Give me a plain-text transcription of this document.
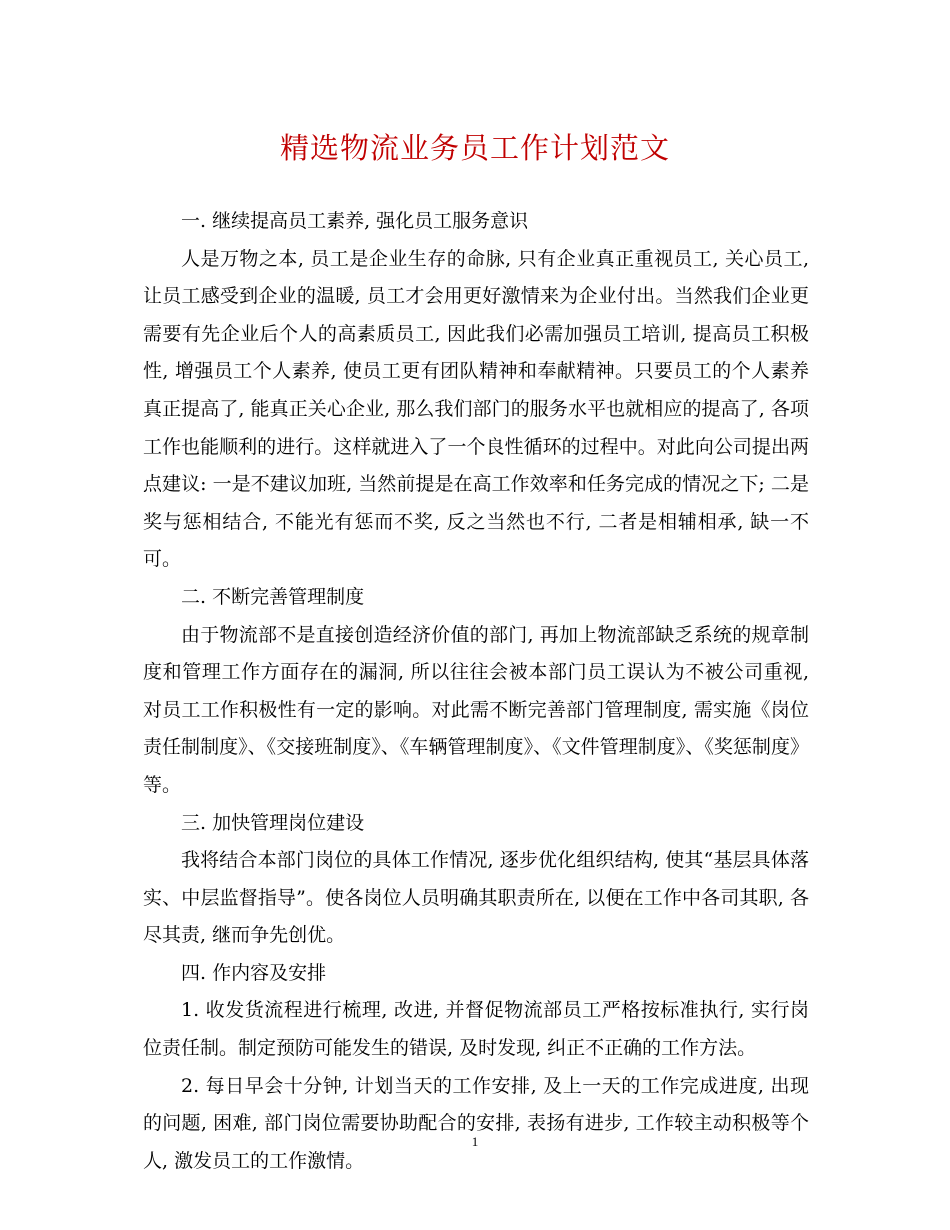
精选物流业务员工作计划范文

一. 继续提高员工素养, 强化员工服务意识

人是万物之本, 员工是企业生存的命脉, 只有企业真正重视员工, 关心员工, 让员工感受到企业的温暖, 员工才会用更好激情来为企业付出。当然我们企业更需要有先企业后个人的高素质员工, 因此我们必需加强员工培训, 提高员工积极性, 增强员工个人素养, 使员工更有团队精神和奉献精神。只要员工的个人素养真正提高了, 能真正关心企业, 那么我们部门的服务水平也就相应的提高了, 各项工作也能顺利的进行。这样就进入了一个良性循环的过程中。对此向公司提出两点建议: 一是不建议加班, 当然前提是在高工作效率和任务完成的情况之下; 二是奖与惩相结合, 不能光有惩而不奖, 反之当然也不行, 二者是相辅相承, 缺一不可。

二. 不断完善管理制度

由于物流部不是直接创造经济价值的部门, 再加上物流部缺乏系统的规章制度和管理工作方面存在的漏洞, 所以往往会被本部门员工误认为不被公司重视, 对员工工作积极性有一定的影响。对此需不断完善部门管理制度, 需实施《岗位责任制制度》、《交接班制度》、《车辆管理制度》、《文件管理制度》、《奖惩制度》等。

三. 加快管理岗位建设

我将结合本部门岗位的具体工作情况, 逐步优化组织结构, 使其“基层具体落实、中层监督指导”。使各岗位人员明确其职责所在, 以便在工作中各司其职, 各尽其责, 继而争先创优。

四. 作内容及安排

1. 收发货流程进行梳理, 改进, 并督促物流部员工严格按标准执行, 实行岗位责任制。制定预防可能发生的错误, 及时发现, 纠正不正确的工作方法。

2. 每日早会十分钟, 计划当天的工作安排, 及上一天的工作完成进度, 出现的问题, 困难, 部门岗位需要协助配合的安排, 表扬有进步, 工作较主动积极等个人, 激发员工的工作激情。

1
